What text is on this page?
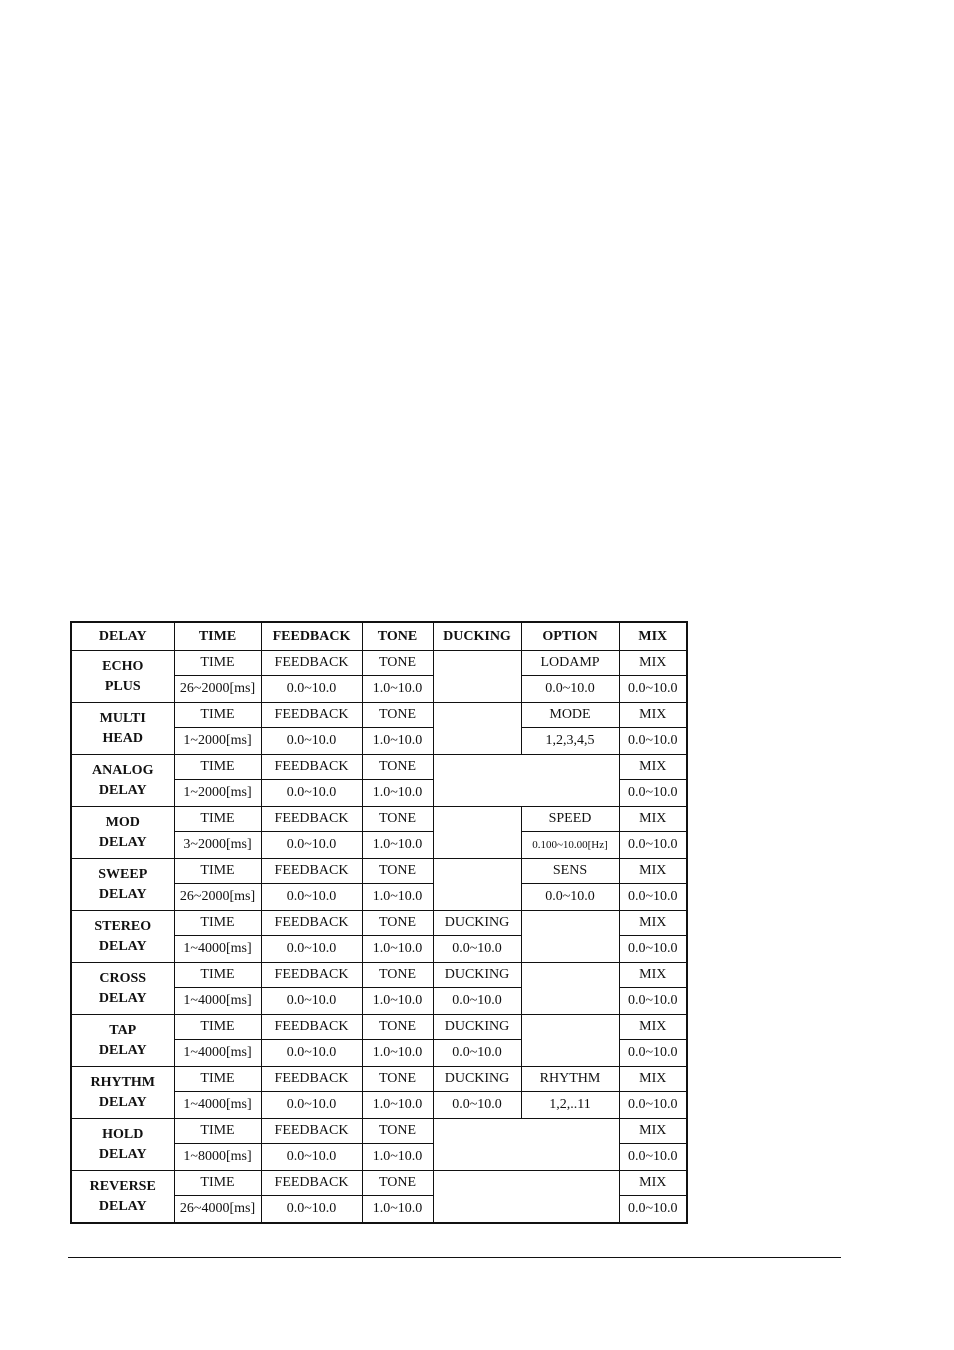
DELAY	TIME	FEEDBACK	TONE	DUCKING	OPTION	MIX

ECHO
PLUS	TIME	FEEDBACK	TONE		LODAMP	MIX
	26~2000[ms]	0.0~10.0	1.0~10.0		0.0~10.0	0.0~10.0

MULTI
HEAD	TIME	FEEDBACK	TONE		MODE	MIX
	1~2000[ms]	0.0~10.0	1.0~10.0		1,2,3,4,5	0.0~10.0

ANALOG
DELAY	TIME	FEEDBACK	TONE			MIX
	1~2000[ms]	0.0~10.0	1.0~10.0			0.0~10.0

MOD
DELAY	TIME	FEEDBACK	TONE		SPEED	MIX
	3~2000[ms]	0.0~10.0	1.0~10.0		0.100~10.00[Hz]	0.0~10.0

SWEEP
DELAY	TIME	FEEDBACK	TONE		SENS	MIX
	26~2000[ms]	0.0~10.0	1.0~10.0		0.0~10.0	0.0~10.0

STEREO
DELAY	TIME	FEEDBACK	TONE	DUCKING		MIX
	1~4000[ms]	0.0~10.0	1.0~10.0	0.0~10.0		0.0~10.0

CROSS
DELAY	TIME	FEEDBACK	TONE	DUCKING		MIX
	1~4000[ms]	0.0~10.0	1.0~10.0	0.0~10.0		0.0~10.0

TAP
DELAY	TIME	FEEDBACK	TONE	DUCKING		MIX
	1~4000[ms]	0.0~10.0	1.0~10.0	0.0~10.0		0.0~10.0

RHYTHM
DELAY	TIME	FEEDBACK	TONE	DUCKING	RHYTHM	MIX
	1~4000[ms]	0.0~10.0	1.0~10.0	0.0~10.0	1,2,..11	0.0~10.0

HOLD
DELAY	TIME	FEEDBACK	TONE			MIX
	1~8000[ms]	0.0~10.0	1.0~10.0			0.0~10.0

REVERSE
DELAY	TIME	FEEDBACK	TONE			MIX
	26~4000[ms]	0.0~10.0	1.0~10.0			0.0~10.0
